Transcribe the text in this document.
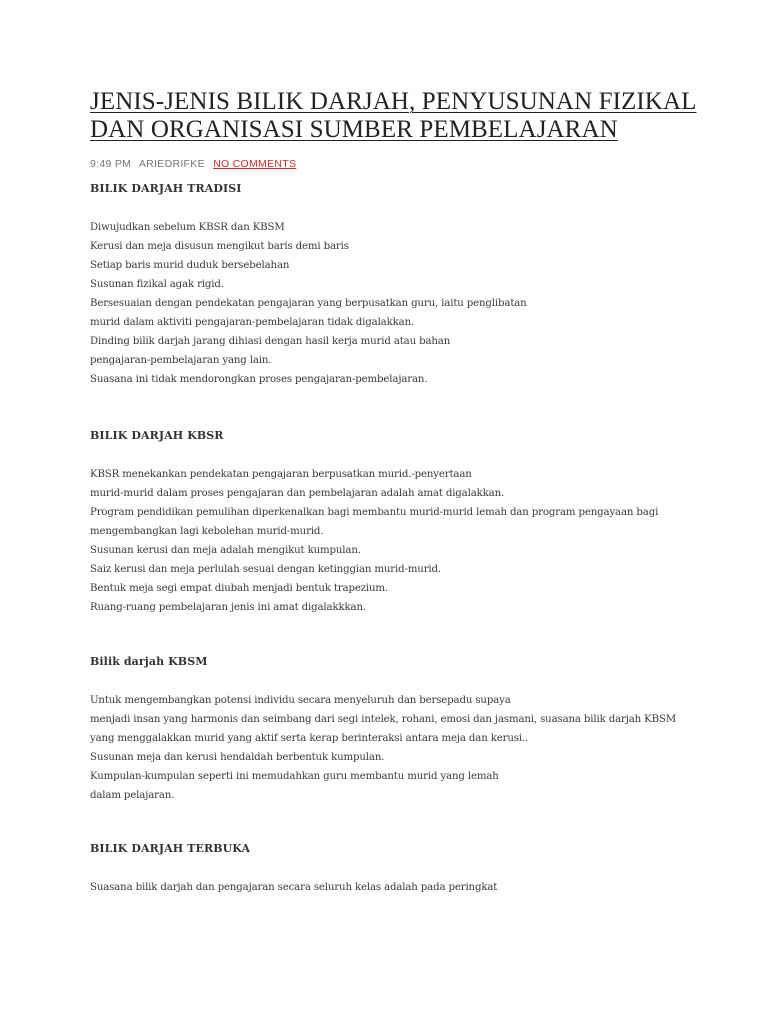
JENIS-JENIS BILIK DARJAH, PENYUSUNAN FIZIKAL DAN ORGANISASI SUMBER PEMBELAJARAN
9:49 PM ARIEDRIFKE NO COMMENTS
BILIK DARJAH TRADISI
Diwujudkan sebelum KBSR dan KBSM
Kerusi dan meja disusun mengikut baris demi baris
Setiap baris murid duduk bersebelahan
Susunan fizikal agak rigid.
Bersesuaian dengan pendekatan pengajaran yang berpusatkan guru, iaitu penglibatan
murid dalam aktiviti pengajaran-pembelajaran tidak digalakkan.
Dinding bilik darjah jarang dihiasi dengan hasil kerja murid atau bahan
pengajaran-pembelajaran yang lain.
Suasana ini tidak mendorongkan proses pengajaran-pembelajaran.
BILIK DARJAH KBSR
KBSR menekankan pendekatan pengajaran berpusatkan murid.-penyertaan
murid-murid dalam proses pengajaran dan pembelajaran adalah amat digalakkan.
Program pendidikan pemulihan diperkenalkan bagi membantu murid-murid lemah dan program pengayaan bagi
mengembangkan lagi kebolehan murid-murid.
Susunan kerusi dan meja adalah mengikut kumpulan.
Saiz kerusi dan meja perlulah sesuai dengan ketinggian murid-murid.
Bentuk meja segi empat diubah menjadi bentuk trapezium.
Ruang-ruang pembelajaran jenis ini amat digalakkkan.
Bilik darjah KBSM
Untuk mengembangkan potensi individu secara menyeluruh dan bersepadu supaya
menjadi insan yang harmonis dan seimbang dari segi intelek, rohani, emosi dan jasmani, suasana bilik darjah KBSM
yang menggalakkan murid yang aktif serta kerap berinteraksi antara meja dan kerusi..
Susunan meja dan kerusi hendaldah berbentuk kumpulan.
Kumpulan-kumpulan seperti ini memudahkan guru membantu murid yang lemah
dalam pelajaran.
BILIK DARJAH TERBUKA
Suasana bilik darjah dan pengajaran secara seluruh kelas adalah pada peringkat
